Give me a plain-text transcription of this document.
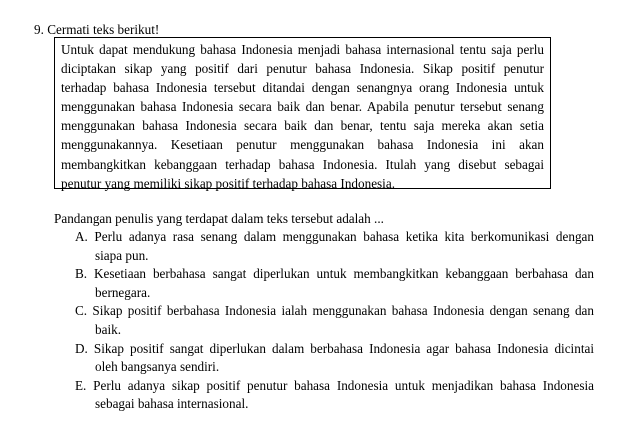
9. Cermati teks berikut!
Untuk dapat mendukung bahasa Indonesia menjadi bahasa internasional tentu saja perlu
diciptakan sikap yang positif dari penutur bahasa Indonesia. Sikap positif penutur
terhadap bahasa Indonesia tersebut ditandai dengan senangnya orang Indonesia untuk
menggunakan bahasa Indonesia secara baik dan benar. Apabila penutur tersebut senang
menggunakan bahasa Indonesia secara baik dan benar, tentu saja mereka akan setia
menggunakannya. Kesetiaan penutur menggunakan bahasa Indonesia ini akan
membangkitkan kebanggaan terhadap bahasa Indonesia. Itulah yang disebut sebagai
penutur yang memiliki sikap positif terhadap bahasa Indonesia.
Pandangan penulis yang terdapat dalam teks tersebut adalah ...
A. Perlu adanya rasa senang dalam menggunakan bahasa ketika kita berkomunikasi dengan
siapa pun.
B. Kesetiaan berbahasa sangat diperlukan untuk membangkitkan kebanggaan berbahasa dan
bernegara.
C. Sikap positif berbahasa Indonesia ialah menggunakan bahasa Indonesia dengan senang dan
baik.
D. Sikap positif sangat diperlukan dalam berbahasa Indonesia agar bahasa Indonesia dicintai
oleh bangsanya sendiri.
E. Perlu adanya sikap positif penutur bahasa Indonesia untuk menjadikan bahasa Indonesia
sebagai bahasa internasional.
